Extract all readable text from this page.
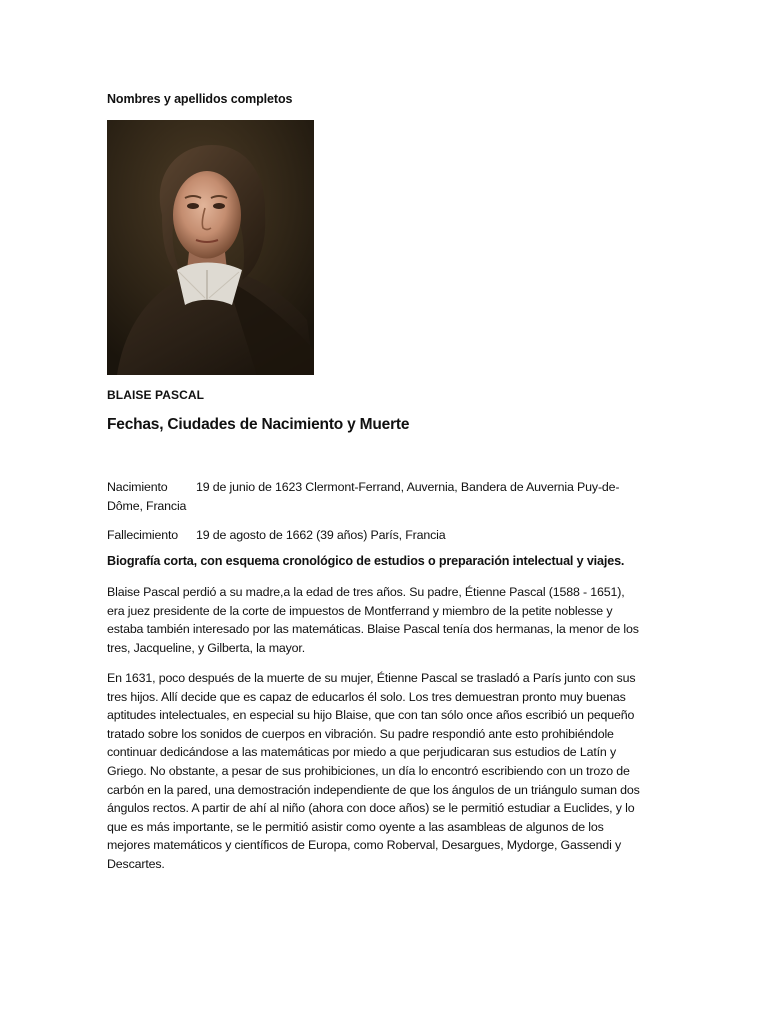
Nombres y apellidos completos
BLAISE PASCAL
Fechas, Ciudades de Nacimiento y Muerte
Nacimiento 19 de junio de 1623 Clermont-Ferrand, Auvernia, Bandera de Auvernia Puy-de-
Dôme, Francia
Fallecimiento 19 de agosto de 1662 (39 años) París, Francia
Biografía corta, con esquema cronológico de estudios o preparación intelectual y viajes.

Blaise Pascal perdió a su madre,a la edad de tres años. Su padre, Étienne Pascal (1588 - 1651), era juez presidente de la corte de impuestos de Montferrand y miembro de la petite noblesse y estaba también interesado por las matemáticas. Blaise Pascal tenía dos hermanas, la menor de los tres, Jacqueline, y Gilberta, la mayor.

En 1631, poco después de la muerte de su mujer, Étienne Pascal se trasladó a París junto con sus tres hijos. Allí decide que es capaz de educarlos él solo. Los tres demuestran pronto muy buenas aptitudes intelectuales, en especial su hijo Blaise, que con tan sólo once años escribió un pequeño tratado sobre los sonidos de cuerpos en vibración. Su padre respondió ante esto prohibiéndole continuar dedicándose a las matemáticas por miedo a que perjudicaran sus estudios de Latín y Griego. No obstante, a pesar de sus prohibiciones, un día lo encontró escribiendo con un trozo de carbón en la pared, una demostración independiente de que los ángulos de un triángulo suman dos ángulos rectos. A partir de ahí al niño (ahora con doce años) se le permitió estudiar a Euclides, y lo que es más importante, se le permitió asistir como oyente a las asambleas de algunos de los mejores matemáticos y científicos de Europa, como Roberval, Desargues, Mydorge, Gassendi y Descartes.
